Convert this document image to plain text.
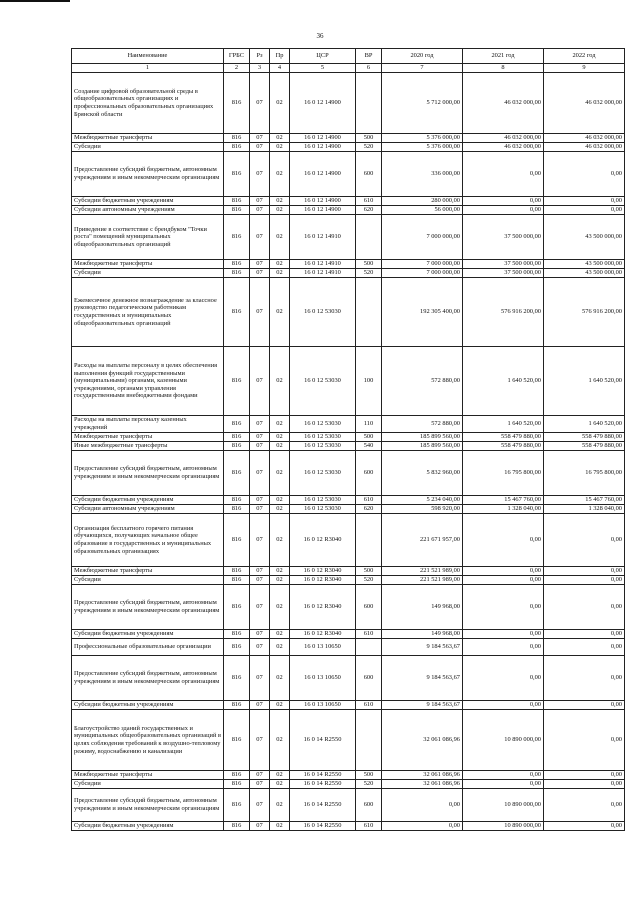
36
Наименование	ГРБС	Рз	Пр	ЦСР	ВР	2020 год	2021 год	2022 год
1	2	3	4	5	6	7	8	9
Создание цифровой образовательной среды в общеобразовательных организациях и профессиональных образовательных организациях Брянской области	816	07	02	16 0 12 14900		5 712 000,00	46 032 000,00	46 032 000,00
Межбюджетные трансферты	816	07	02	16 0 12 14900	500	5 376 000,00	46 032 000,00	46 032 000,00
Субсидии	816	07	02	16 0 12 14900	520	5 376 000,00	46 032 000,00	46 032 000,00
Предоставление субсидий бюджетным, автономным учреждениям и иным некоммерческим организациям	816	07	02	16 0 12 14900	600	336 000,00	0,00	0,00
Субсидии бюджетным учреждениям	816	07	02	16 0 12 14900	610	280 000,00	0,00	0,00
Субсидии автономным учреждениям	816	07	02	16 0 12 14900	620	56 000,00	0,00	0,00
Приведение в соответствие с брендбуком "Точки роста" помещений муниципальных общеобразовательных организаций	816	07	02	16 0 12 14910		7 000 000,00	37 500 000,00	43 500 000,00
Межбюджетные трансферты	816	07	02	16 0 12 14910	500	7 000 000,00	37 500 000,00	43 500 000,00
Субсидии	816	07	02	16 0 12 14910	520	7 000 000,00	37 500 000,00	43 500 000,00
Ежемесячное денежное вознаграждение за классное руководство педагогическим работникам государственных и муниципальных общеобразовательных организаций	816	07	02	16 0 12 53030		192 305 400,00	576 916 200,00	576 916 200,00
Расходы на выплаты персоналу в целях обеспечения выполнения функций государственными (муниципальными) органами, казенными учреждениями, органами управления государственными внебюджетными фондами	816	07	02	16 0 12 53030	100	572 880,00	1 640 520,00	1 640 520,00
Расходы на выплаты персоналу казенных учреждений	816	07	02	16 0 12 53030	110	572 880,00	1 640 520,00	1 640 520,00
Межбюджетные трансферты	816	07	02	16 0 12 53030	500	185 899 560,00	558 479 880,00	558 479 880,00
Иные межбюджетные трансферты	816	07	02	16 0 12 53030	540	185 899 560,00	558 479 880,00	558 479 880,00
Предоставление субсидий бюджетным, автономным учреждениям и иным некоммерческим организациям	816	07	02	16 0 12 53030	600	5 832 960,00	16 795 800,00	16 795 800,00
Субсидии бюджетным учреждениям	816	07	02	16 0 12 53030	610	5 234 040,00	15 467 760,00	15 467 760,00
Субсидии автономным учреждениям	816	07	02	16 0 12 53030	620	598 920,00	1 328 040,00	1 328 040,00
Организация бесплатного горячего питания обучающихся, получающих начальное общее образование в государственных и муниципальных образовательных организациях	816	07	02	16 0 12 R3040		221 671 957,00	0,00	0,00
Межбюджетные трансферты	816	07	02	16 0 12 R3040	500	221 521 989,00	0,00	0,00
Субсидии	816	07	02	16 0 12 R3040	520	221 521 989,00	0,00	0,00
Предоставление субсидий бюджетным, автономным учреждениям и иным некоммерческим организациям	816	07	02	16 0 12 R3040	600	149 968,00	0,00	0,00
Субсидии бюджетным учреждениям	816	07	02	16 0 12 R3040	610	149 968,00	0,00	0,00
Профессиональные образовательные организации	816	07	02	16 0 13 10650		9 184 563,67	0,00	0,00
Предоставление субсидий бюджетным, автономным учреждениям и иным некоммерческим организациям	816	07	02	16 0 13 10650	600	9 184 563,67	0,00	0,00
Субсидии бюджетным учреждениям	816	07	02	16 0 13 10650	610	9 184 563,67	0,00	0,00
Благоустройство зданий государственных и муниципальных общеобразовательных организаций в целях соблюдения требований к воздушно-тепловому режиму, водоснабжению и канализации	816	07	02	16 0 14 R2550		32 061 086,96	10 890 000,00	0,00
Межбюджетные трансферты	816	07	02	16 0 14 R2550	500	32 061 086,96	0,00	0,00
Субсидии	816	07	02	16 0 14 R2550	520	32 061 086,96	0,00	0,00
Предоставление субсидий бюджетным, автономным учреждениям и иным некоммерческим организациям	816	07	02	16 0 14 R2550	600	0,00	10 890 000,00	0,00
Субсидии бюджетным учреждениям	816	07	02	16 0 14 R2550	610	0,00	10 890 000,00	0,00
